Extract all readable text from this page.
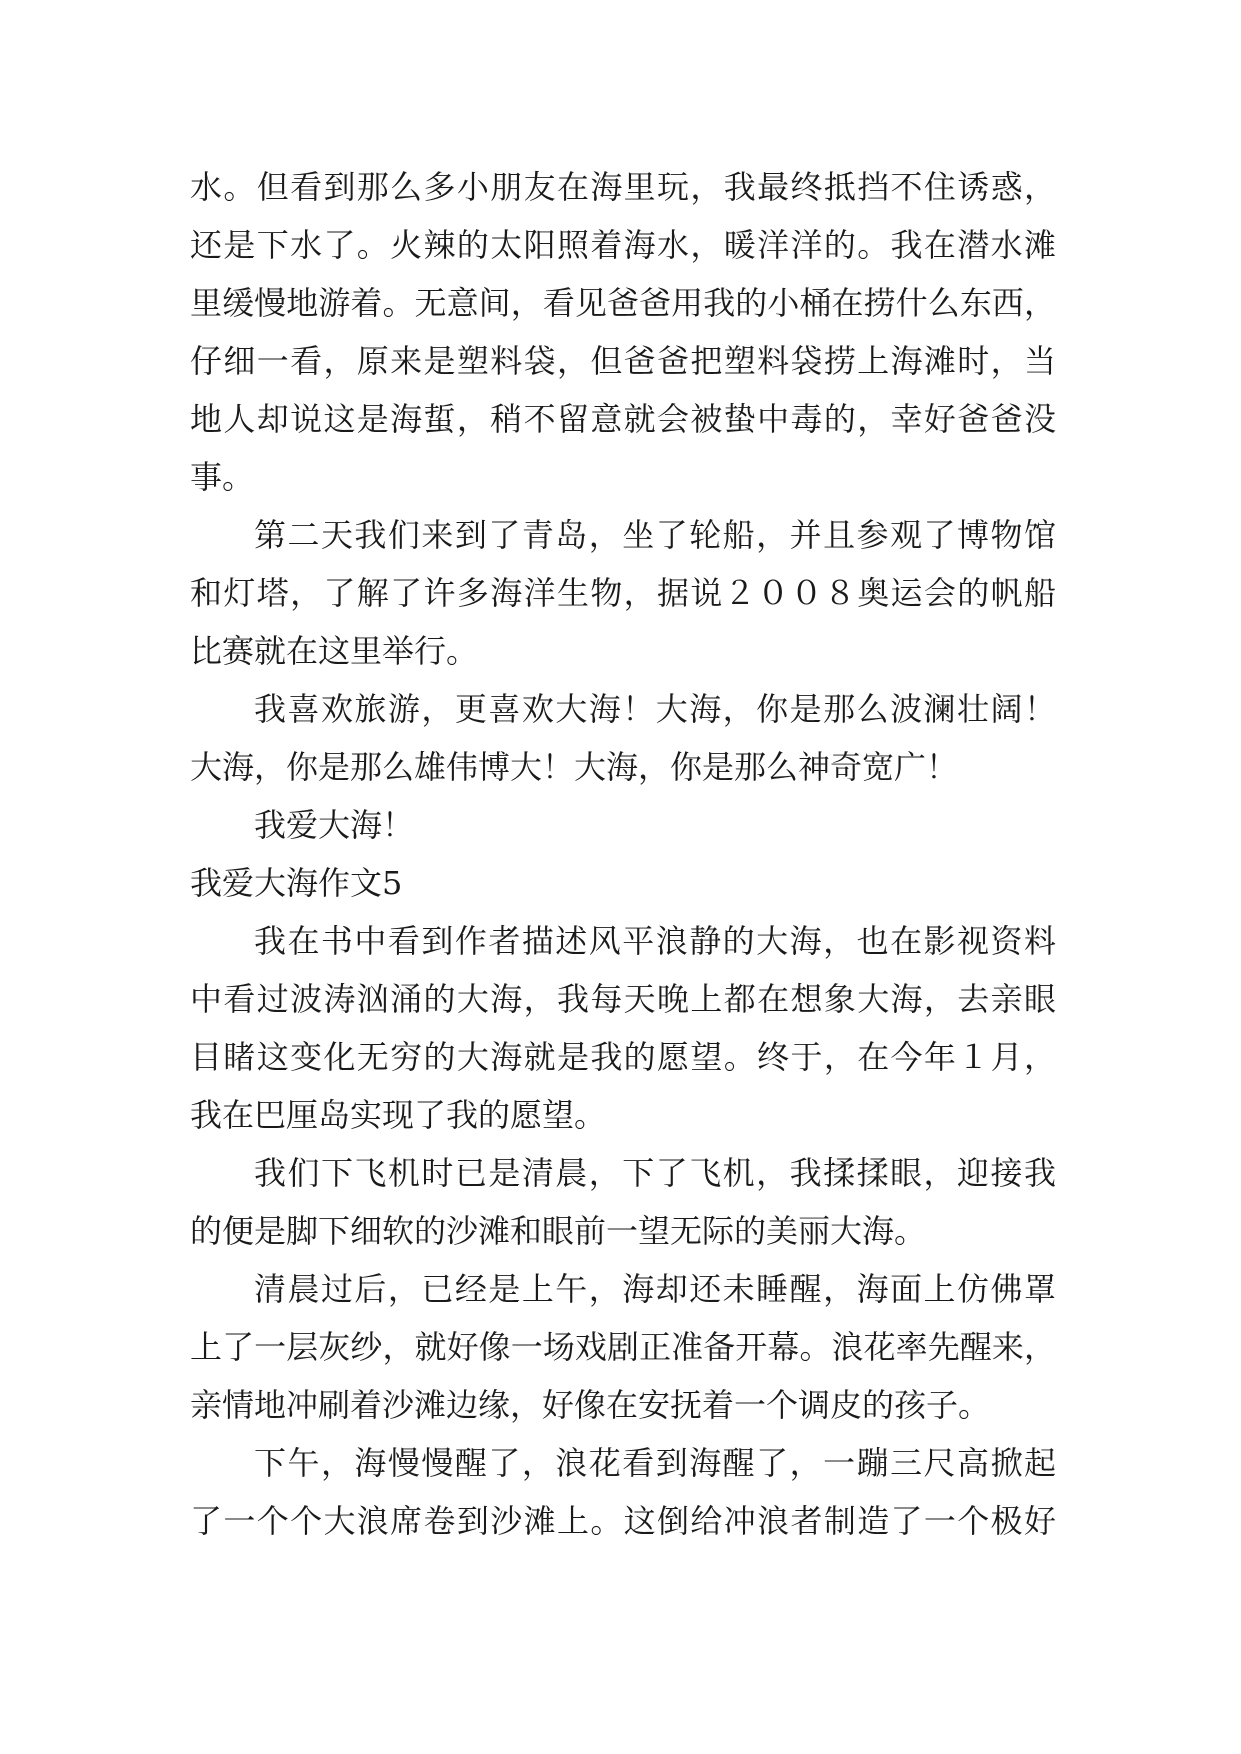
水。但看到那么多小朋友在海里玩，我最终抵挡不住诱惑，
还是下水了。火辣的太阳照着海水，暖洋洋的。我在潜水滩
里缓慢地游着。无意间，看见爸爸用我的小桶在捞什么东西，
仔细一看，原来是塑料袋，但爸爸把塑料袋捞上海滩时，当
地人却说这是海蜇，稍不留意就会被蛰中毒的，幸好爸爸没
事。
第二天我们来到了青岛，坐了轮船，并且参观了博物馆
和灯塔，了解了许多海洋生物，据说２００８奥运会的帆船
比赛就在这里举行。
我喜欢旅游，更喜欢大海！大海，你是那么波澜壮阔！
大海，你是那么雄伟博大！大海，你是那么神奇宽广！
我爱大海！
我爱大海作文5
我在书中看到作者描述风平浪静的大海，也在影视资料
中看过波涛汹涌的大海，我每天晚上都在想象大海，去亲眼
目睹这变化无穷的大海就是我的愿望。终于，在今年１月，
我在巴厘岛实现了我的愿望。
我们下飞机时已是清晨，下了飞机，我揉揉眼，迎接我
的便是脚下细软的沙滩和眼前一望无际的美丽大海。
清晨过后，已经是上午，海却还未睡醒，海面上仿佛罩
上了一层灰纱，就好像一场戏剧正准备开幕。浪花率先醒来，
亲情地冲刷着沙滩边缘，好像在安抚着一个调皮的孩子。
下午，海慢慢醒了，浪花看到海醒了，一蹦三尺高掀起
了一个个大浪席卷到沙滩上。这倒给冲浪者制造了一个极好
